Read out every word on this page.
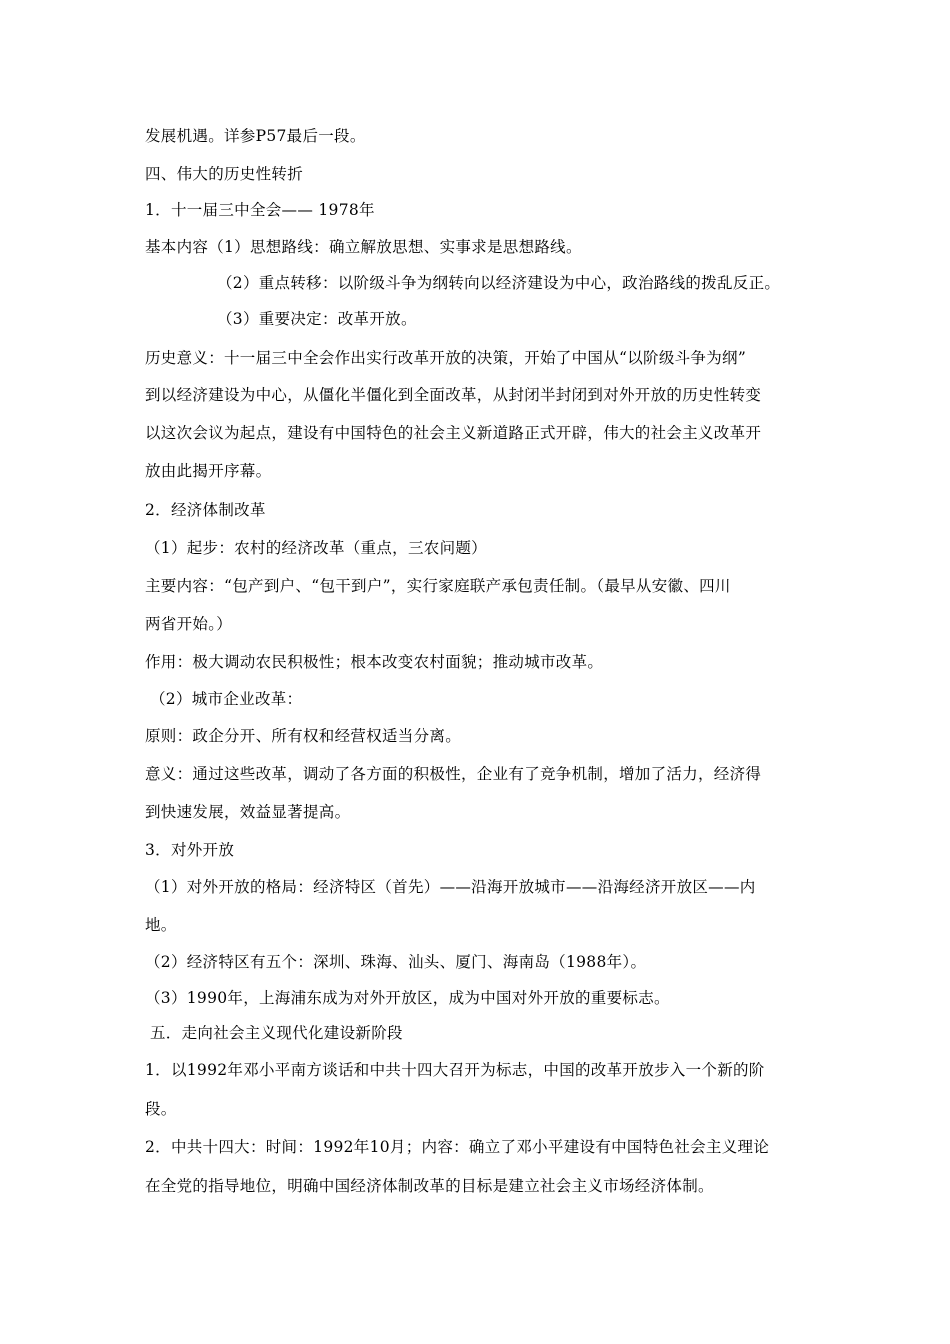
发展机遇。详参P57最后一段。
四、伟大的历史性转折
1．十一届三中全会—— 1978年
基本内容（1）思想路线：确立解放思想、实事求是思想路线。
（2）重点转移：以阶级斗争为纲转向以经济建设为中心，政治路线的拨乱反正。
（3）重要决定：改革开放。
历史意义：十一届三中全会作出实行改革开放的决策，开始了中国从“以阶级斗争为纲”
到以经济建设为中心，从僵化半僵化到全面改革，从封闭半封闭到对外开放的历史性转变
以这次会议为起点，建设有中国特色的社会主义新道路正式开辟，伟大的社会主义改革开
放由此揭开序幕。
2．经济体制改革
（1）起步：农村的经济改革（重点，三农问题）
主要内容：“包产到户、“包干到户”，实行家庭联产承包责任制。（最早从安徽、四川
两省开始。）
作用：极大调动农民积极性；根本改变农村面貌；推动城市改革。
（2）城市企业改革：
原则：政企分开、所有权和经营权适当分离。
意义：通过这些改革，调动了各方面的积极性，企业有了竞争机制，增加了活力，经济得
到快速发展，效益显著提高。
3．对外开放
（1）对外开放的格局：经济特区（首先）——沿海开放城市——沿海经济开放区——内
地。
（2）经济特区有五个：深圳、珠海、汕头、厦门、海南岛（1988年）。
（3）1990年，上海浦东成为对外开放区，成为中国对外开放的重要标志。
五．走向社会主义现代化建设新阶段
1．以1992年邓小平南方谈话和中共十四大召开为标志，中国的改革开放步入一个新的阶
段。
2．中共十四大：时间：1992年10月；内容：确立了邓小平建设有中国特色社会主义理论
在全党的指导地位，明确中国经济体制改革的目标是建立社会主义市场经济体制。
